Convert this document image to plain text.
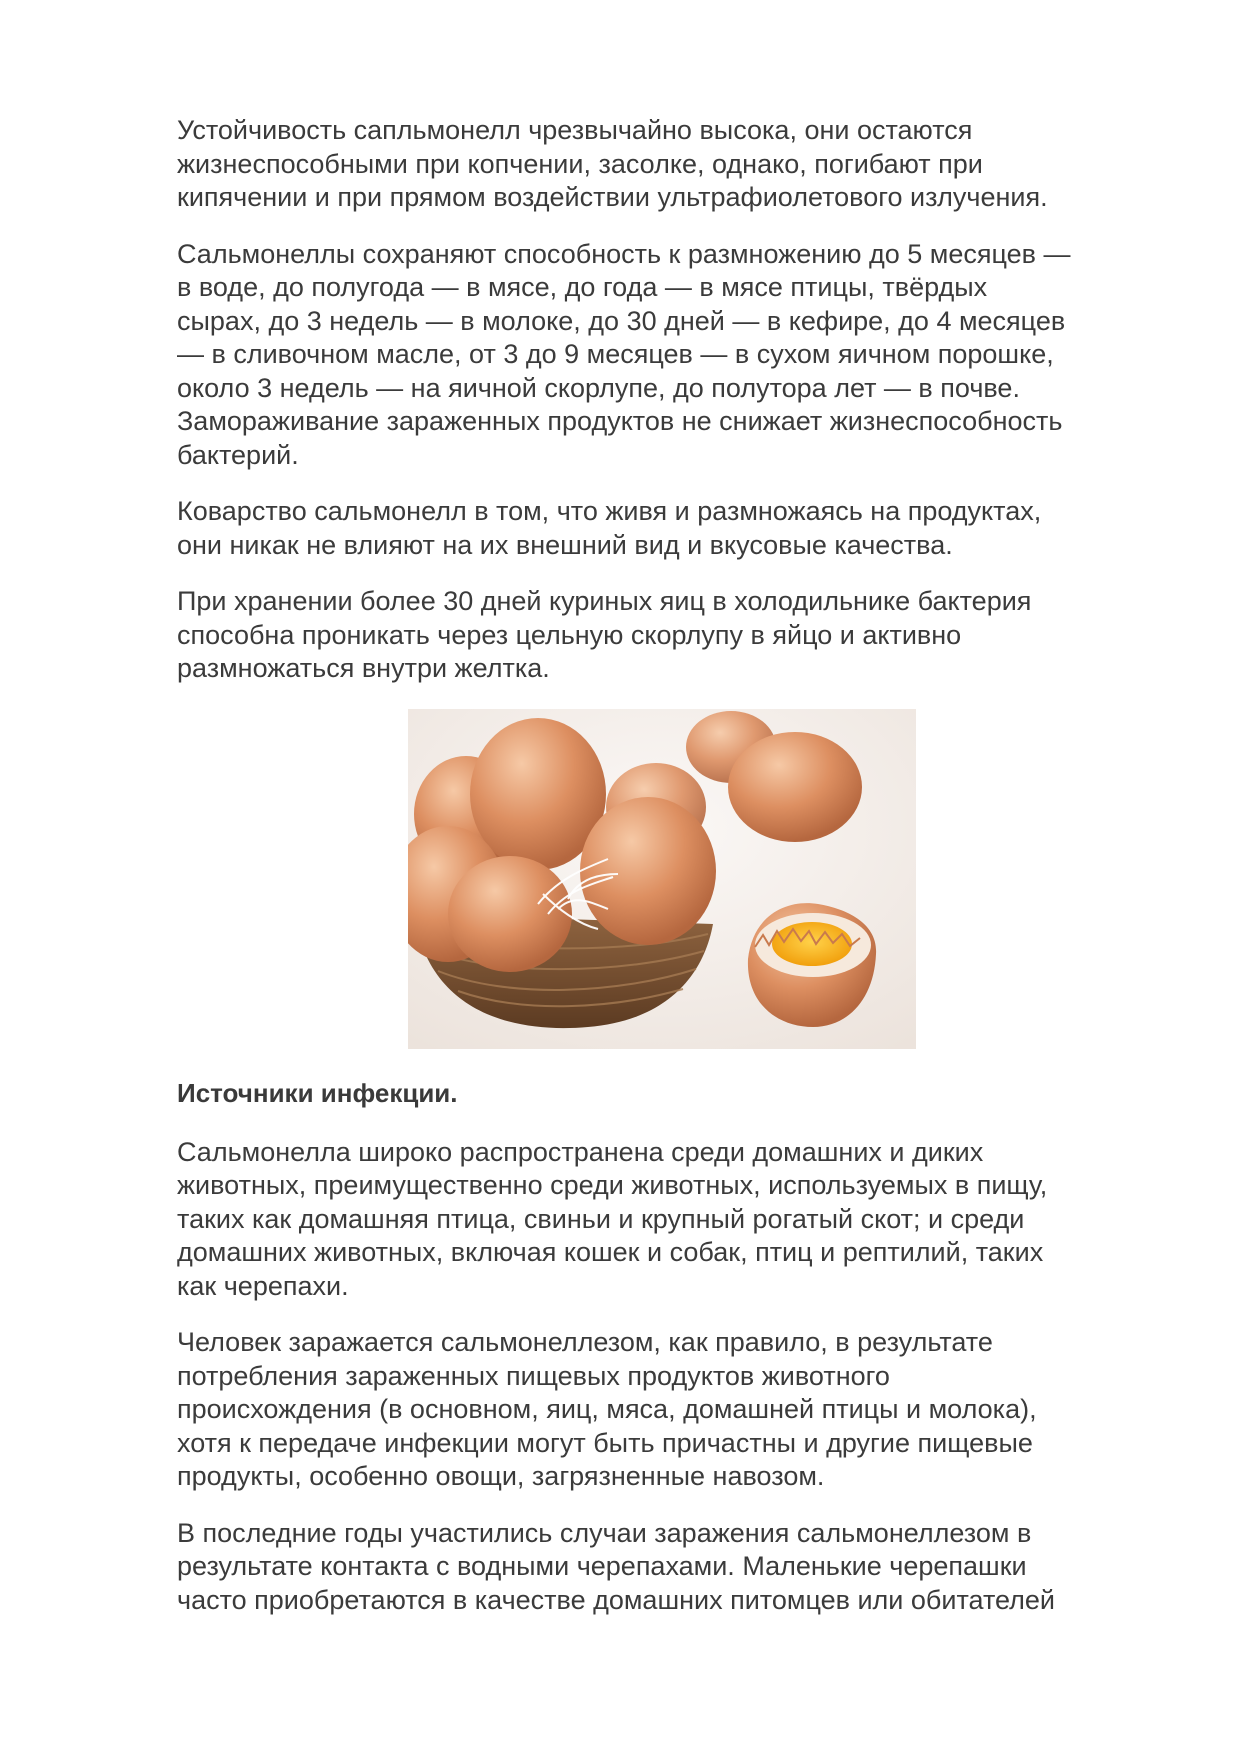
Устойчивость сапльмонелл чрезвычайно высока, они остаются
жизнеспособными при копчении, засолке, однако, погибают при
кипячении и при прямом воздействии ультрафиолетового излучения.

Сальмонеллы сохраняют способность к размножению до 5 месяцев —
в воде, до полугода — в мясе, до года — в мясе птицы, твёрдых
сырах, до 3 недель — в молоке, до 30 дней — в кефире, до 4 месяцев
— в сливочном масле, от 3 до 9 месяцев — в сухом яичном порошке,
около 3 недель — на яичной скорлупе, до полутора лет — в почве.
Замораживание зараженных продуктов не снижает жизнеспособность
бактерий.

Коварство сальмонелл в том, что живя и размножаясь на продуктах,
они никак не влияют на их внешний вид и вкусовые качества.

При хранении более 30 дней куриных яиц в холодильнике бактерия
способна проникать через цельную скорлупу в яйцо и активно
размножаться внутри желтка.

Источники инфекции.

Сальмонелла широко распространена среди домашних и диких
животных, преимущественно среди животных, используемых в пищу,
таких как домашняя птица, свиньи и крупный рогатый скот; и среди
домашних животных, включая кошек и собак, птиц и рептилий, таких
как черепахи.

Человек заражается сальмонеллезом, как правило, в результате
потребления зараженных пищевых продуктов животного
происхождения (в основном, яиц, мяса, домашней птицы и молока),
хотя к передаче инфекции могут быть причастны и другие пищевые
продукты, особенно овощи, загрязненные навозом.

В последние годы участились случаи заражения сальмонеллезом в
результате контакта с водными черепахами. Маленькие черепашки
часто приобретаются в качестве домашних питомцев или обитателей
